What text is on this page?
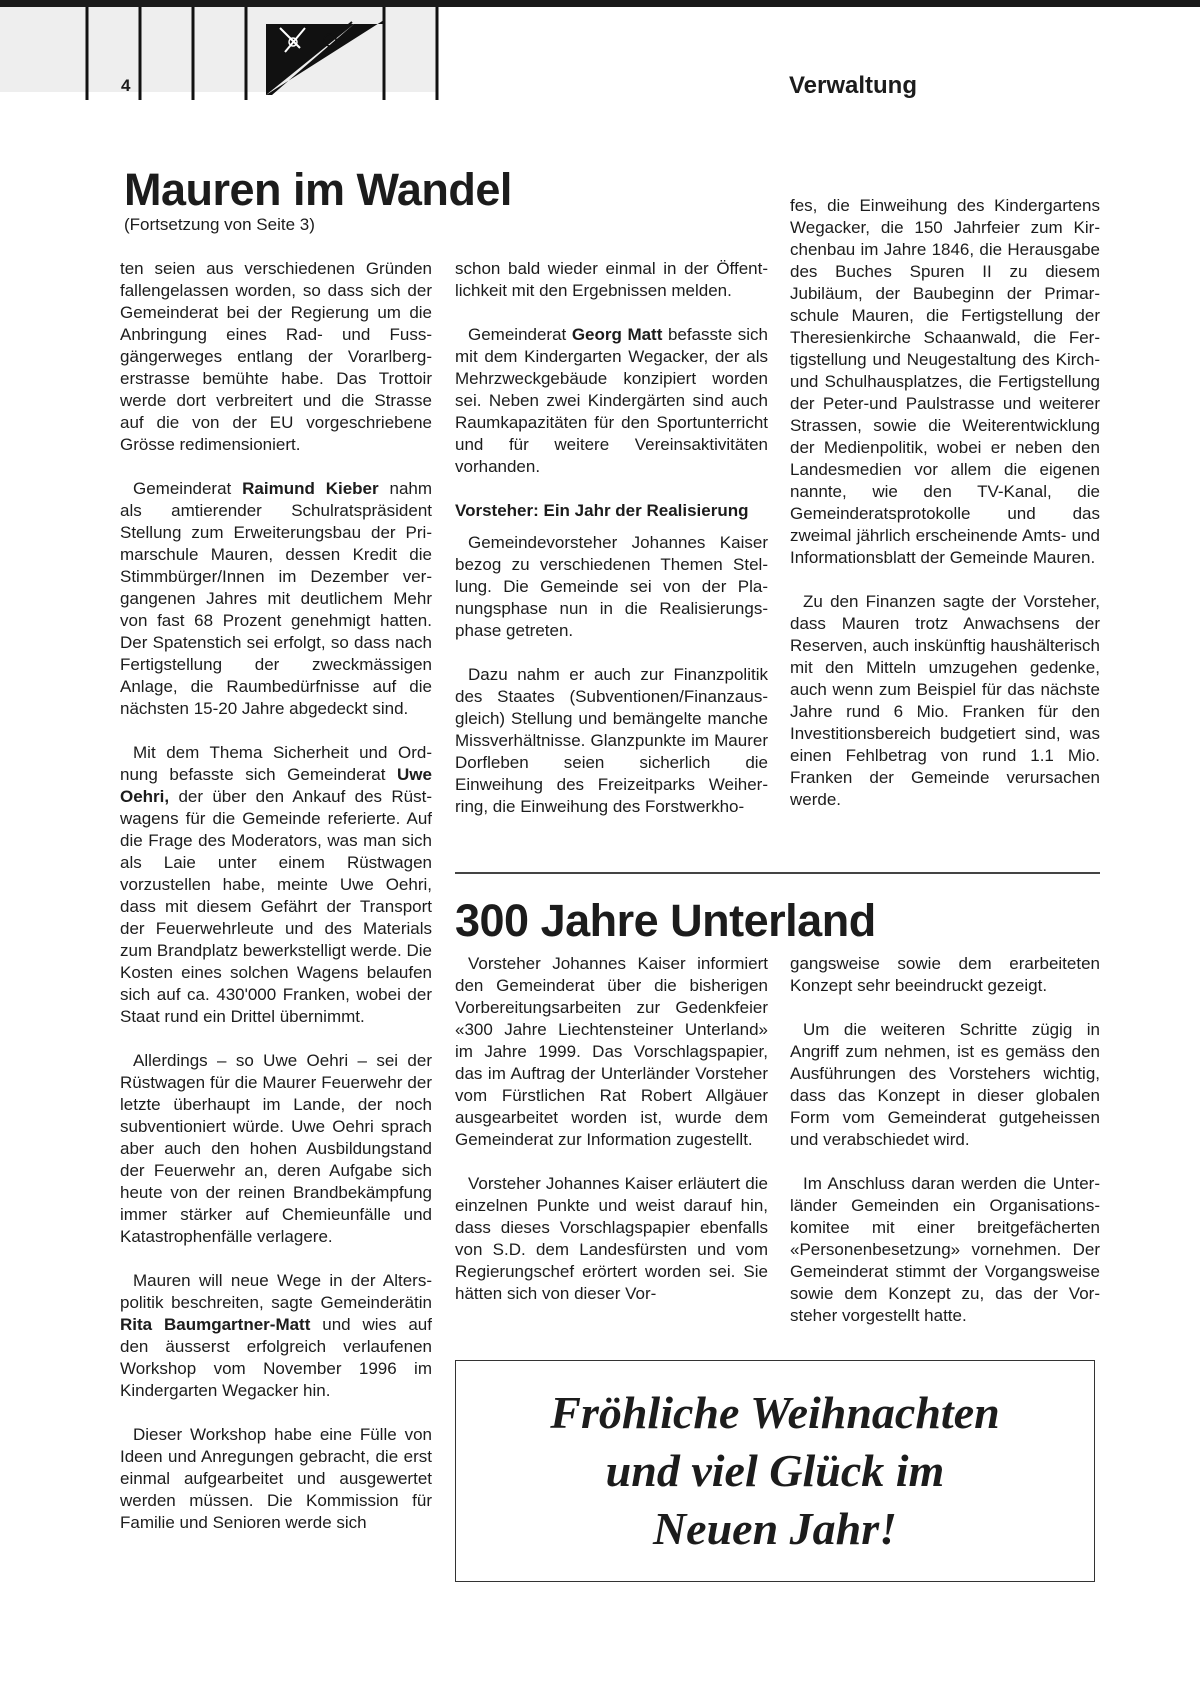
4	Verwaltung
Mauren im Wandel
(Fortsetzung von Seite 3)

ten seien aus verschiedenen Gründen fallengelassen worden, so dass sich der Gemeinderat bei der Regierung um die Anbringung eines Rad- und Fussgängerweges entlang der Vorarlbergerstrasse bemühte habe. Das Trottoir werde dort verbreitert und die Strasse auf die von der EU vorgeschriebene Grösse redimensioniert.

Gemeinderat Raimund Kieber nahm als amtierender Schulratspräsident Stellung zum Erweiterungsbau der Primarschule Mauren, dessen Kredit die Stimmbürger/Innen im Dezember vergangenen Jahres mit deutlichem Mehr von fast 68 Prozent genehmigt hatten. Der Spatenstich sei erfolgt, so dass nach Fertigstellung der zweckmässigen Anlage, die Raumbedürfnisse auf die nächsten 15-20 Jahre abgedeckt sind.

Mit dem Thema Sicherheit und Ordnung befasste sich Gemeinderat Uwe Oehri, der über den Ankauf des Rüstwagens für die Gemeinde referierte. Auf die Frage des Moderators, was man sich als Laie unter einem Rüstwagen vorzustellen habe, meinte Uwe Oehri, dass mit diesem Gefährt der Transport der Feuerwehrleute und des Materials zum Brandplatz bewerkstelligt werde. Die Kosten eines solchen Wagens belaufen sich auf ca. 430'000 Franken, wobei der Staat rund ein Drittel übernimmt.

Allerdings – so Uwe Oehri – sei der Rüstwagen für die Maurer Feuerwehr der letzte überhaupt im Lande, der noch subventioniert würde. Uwe Oehri sprach aber auch den hohen Ausbildungstand der Feuerwehr an, deren Aufgabe sich heute von der reinen Brandbekämpfung immer stärker auf Chemieunfälle und Katastrophenfälle verlagere.

Mauren will neue Wege in der Alterspolitik beschreiten, sagte Gemeinderätin Rita Baumgartner-Matt und wies auf den äusserst erfolgreich verlaufenen Workshop vom November 1996 im Kindergarten Wegacker hin.

Dieser Workshop habe eine Fülle von Ideen und Anregungen gebracht, die erst einmal aufgearbeitet und ausgewertet werden müssen. Die Kommission für Familie und Senioren werde sich

schon bald wieder einmal in der Öffentlichkeit mit den Ergebnissen melden.

Gemeinderat Georg Matt befasste sich mit dem Kindergarten Wegacker, der als Mehrzweckgebäude konzipiert worden sei. Neben zwei Kindergärten sind auch Raumkapazitäten für den Sportunterricht und für weitere Vereinsaktivitäten vorhanden.

Vorsteher: Ein Jahr der Realisierung

Gemeindevorsteher Johannes Kaiser bezog zu verschiedenen Themen Stellung. Die Gemeinde sei von der Planungsphase nun in die Realisierungsphase getreten.

Dazu nahm er auch zur Finanzpolitik des Staates (Subventionen/Finanzausgleich) Stellung und bemängelte manche Missverhältnisse. Glanzpunkte im Maurer Dorfleben seien sicherlich die Einweihung des Freizeitparks Weiherring, die Einweihung des Forstwerkho-

fes, die Einweihung des Kindergartens Wegacker, die 150 Jahrfeier zum Kirchenbau im Jahre 1846, die Herausgabe des Buches Spuren II zu diesem Jubiläum, der Baubeginn der Primarschule Mauren, die Fertigstellung der Theresienkirche Schaanwald, die Fertigstellung und Neugestaltung des Kirch- und Schulhausplatzes, die Fertigstellung der Peter-und Paulstrasse und weiterer Strassen, sowie die Weiterentwicklung der Medienpolitik, wobei er neben den Landesmedien vor allem die eigenen nannte, wie den TV-Kanal, die Gemeinderatsprotokolle und das zweimal jährlich erscheinende Amts- und Informationsblatt der Gemeinde Mauren.

Zu den Finanzen sagte der Vorsteher, dass Mauren trotz Anwachsens der Reserven, auch inskünftig haushälterisch mit den Mitteln umzugehen gedenke, auch wenn zum Beispiel für das nächste Jahre rund 6 Mio. Franken für den Investitionsbereich budgetiert sind, was einen Fehlbetrag von rund 1.1 Mio. Franken der Gemeinde verursachen werde.

300 Jahre Unterland

Vorsteher Johannes Kaiser informiert den Gemeinderat über die bisherigen Vorbereitungsarbeiten zur Gedenkfeier «300 Jahre Liechtensteiner Unterland» im Jahre 1999. Das Vorschlagspapier, das im Auftrag der Unterländer Vorsteher vom Fürstlichen Rat Robert Allgäuer ausgearbeitet worden ist, wurde dem Gemeinderat zur Information zugestellt.

Vorsteher Johannes Kaiser erläutert die einzelnen Punkte und weist darauf hin, dass dieses Vorschlagspapier ebenfalls von S.D. dem Landesfürsten und vom Regierungschef erörtert worden sei. Sie hätten sich von dieser Vor-

gangsweise sowie dem erarbeiteten Konzept sehr beeindruckt gezeigt.

Um die weiteren Schritte zügig in Angriff zum nehmen, ist es gemäss den Ausführungen des Vorstehers wichtig, dass das Konzept in dieser globalen Form vom Gemeinderat gutgeheissen und verabschiedet wird.

Im Anschluss daran werden die Unterländer Gemeinden ein Organisationskomitee mit einer breitgefächerten «Personenbesetzung» vornehmen. Der Gemeinderat stimmt der Vorgangsweise sowie dem Konzept zu, das der Vorsteher vorgestellt hatte.

Fröhliche Weihnachten
und viel Glück im
Neuen Jahr!
